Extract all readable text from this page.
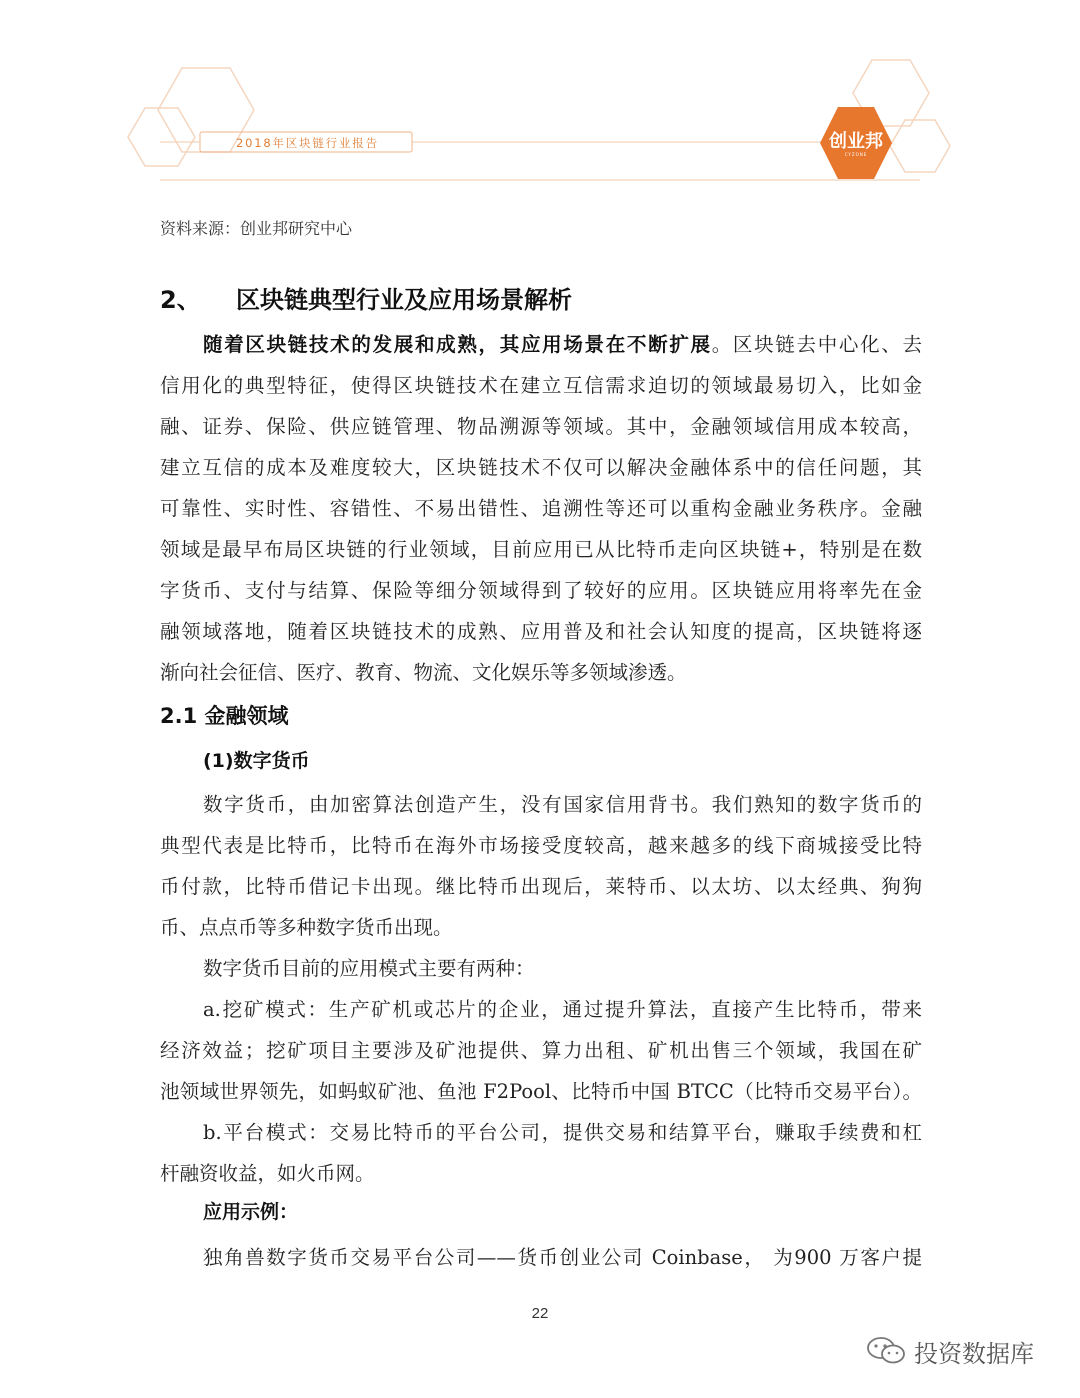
2018年区块链行业报告	创业邦
CYZONE
资料来源：创业邦研究中心
2、 区块链典型行业及应用场景解析
随着区块链技术的发展和成熟，其应用场景在不断扩展。区块链去中心化、去
信用化的典型特征，使得区块链技术在建立互信需求迫切的领域最易切入，比如金
融、证券、保险、供应链管理、物品溯源等领域。其中，金融领域信用成本较高，
建立互信的成本及难度较大，区块链技术不仅可以解决金融体系中的信任问题，其
可靠性、实时性、容错性、不易出错性、追溯性等还可以重构金融业务秩序。金融
领域是最早布局区块链的行业领域，目前应用已从比特币走向区块链+，特别是在数
字货币、支付与结算、保险等细分领域得到了较好的应用。区块链应用将率先在金
融领域落地，随着区块链技术的成熟、应用普及和社会认知度的提高，区块链将逐
渐向社会征信、医疗、教育、物流、文化娱乐等多领域渗透。
2.1 金融领域
(1)数字货币
数字货币，由加密算法创造产生，没有国家信用背书。我们熟知的数字货币的
典型代表是比特币，比特币在海外市场接受度较高，越来越多的线下商城接受比特
币付款，比特币借记卡出现。继比特币出现后，莱特币、以太坊、以太经典、狗狗
币、点点币等多种数字货币出现。
数字货币目前的应用模式主要有两种：
a.挖矿模式：生产矿机或芯片的企业，通过提升算法，直接产生比特币，带来
经济效益；挖矿项目主要涉及矿池提供、算力出租、矿机出售三个领域，我国在矿
池领域世界领先，如蚂蚁矿池、鱼池 F2Pool、比特币中国 BTCC（比特币交易平台）。
b.平台模式：交易比特币的平台公司，提供交易和结算平台，赚取手续费和杠
杆融资收益，如火币网。
应用示例：
独角兽数字货币交易平台公司——货币创业公司 Coinbase， 为900 万客户提
22
投资数据库
